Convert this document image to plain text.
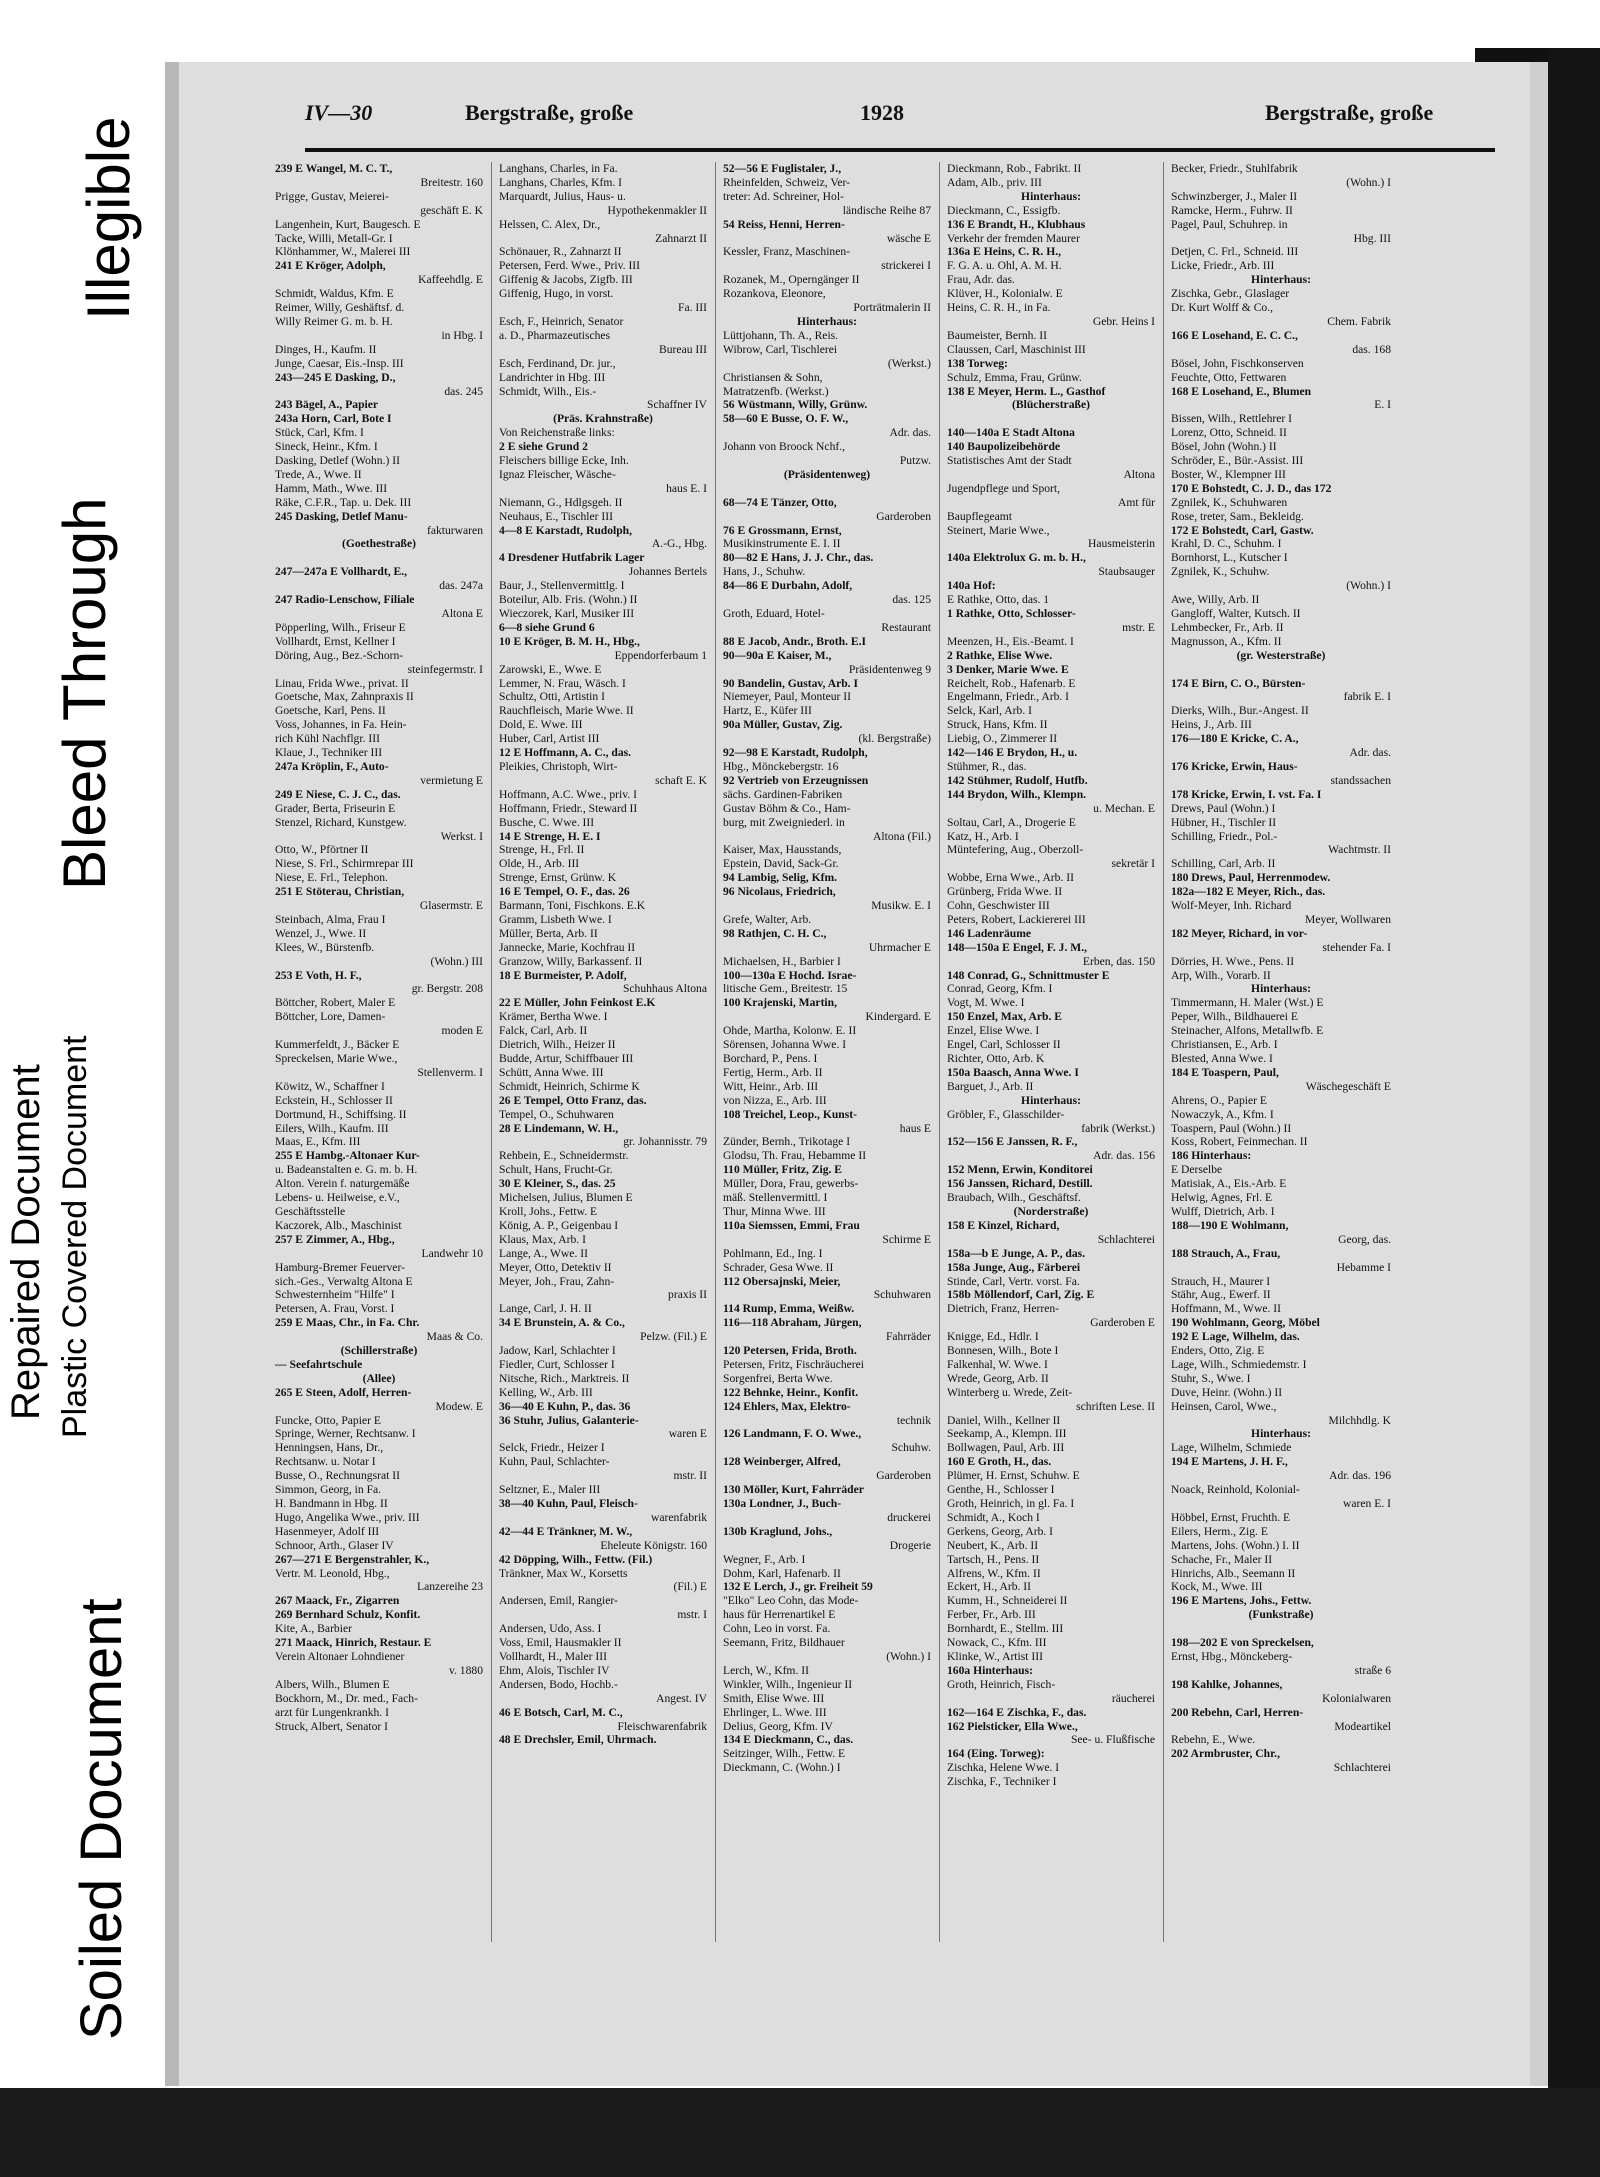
Repaired Document Plastic Covered Document
Soiled Document
Bleed Through
Illegible
IV—30	Bergstraße, große	1928	Bergstraße, große
239 E Wangel, M. C. T.,
Breitestr. 160
Prigge, Gustav, Meierei-
geschäft E. K
Langenhein, Kurt, Baugesch. E
Tacke, Willi, Metall-Gr. I
Klönhammer, W., Malerei III
241 E Kröger, Adolph,
Kaffeehdlg. E
Schmidt, Waldus, Kfm. E
Reimer, Willy, Geshäftsf. d.
Willy Reimer G. m. b. H.
in Hbg. I
Dinges, H., Kaufm. II
Junge, Caesar, Eis.-Insp. III
243—245 E Dasking, D.,
das. 245
243 Bägel, A., Papier
243a Horn, Carl, Bote I
Stück, Carl, Kfm. I
Sineck, Heinr., Kfm. I
Dasking, Detlef (Wohn.) II
Trede, A., Wwe. II
Hamm, Math., Wwe. III
Räke, C.F.R., Tap. u. Dek. III
245 Dasking, Detlef Manu-
fakturwaren
(Goethestraße)

247—247a E Vollhardt, E.,
das. 247a
247 Radio-Lenschow, Filiale
Altona E
Pöpperling, Wilh., Friseur E
Vollhardt, Ernst, Kellner I
Döring, Aug., Bez.-Schorn-
steinfegermstr. I
Linau, Frida Wwe., privat. II
Goetsche, Max, Zahnpraxis II
Goetsche, Karl, Pens. II
Voss, Johannes, in Fa. Hein-
rich Kühl Nachflgr. III
Klaue, J., Techniker III
247a Kröplin, F., Auto-
vermietung E
249 E Niese, C. J. C., das.
Grader, Berta, Friseurin E
Stenzel, Richard, Kunstgew.
Werkst. I
Otto, W., Pförtner II
Niese, S. Frl., Schirmrepar III
Niese, E. Frl., Telephon.
251 E Stöterau, Christian,
Glasermstr. E
Steinbach, Alma, Frau I
Wenzel, J., Wwe. II
Klees, W., Bürstenfb.
(Wohn.) III
253 E Voth, H. F.,
gr. Bergstr. 208
Böttcher, Robert, Maler E
Böttcher, Lore, Damen-
moden E
Kummerfeldt, J., Bäcker E
Spreckelsen, Marie Wwe.,
Stellenverm. I
Köwitz, W., Schaffner I
Eckstein, H., Schlosser II
Dortmund, H., Schiffsing. II
Eilers, Wilh., Kaufm. III
Maas, E., Kfm. III
255 E Hambg.-Altonaer Kur-
u. Badeanstalten e. G. m. b. H.
Alton. Verein f. naturgemäße
Lebens- u. Heilweise, e.V.,
Geschäftsstelle
Kaczorek, Alb., Maschinist
257 E Zimmer, A., Hbg.,
Landwehr 10
Hamburg-Bremer Feuerver-
sich.-Ges., Verwaltg Altona E
Schwesternheim "Hilfe" I
Petersen, A. Frau, Vorst. I
259 E Maas, Chr., in Fa. Chr.
Maas & Co.
(Schillerstraße)
— Seefahrtschule
(Allee)
265 E Steen, Adolf, Herren-
Modew. E
Funcke, Otto, Papier E
Springe, Werner, Rechtsanw. I
Henningsen, Hans, Dr.,
Rechtsanw. u. Notar I
Busse, O., Rechnungsrat II
Simmon, Georg, in Fa.
H. Bandmann in Hbg. II
Hugo, Angelika Wwe., priv. III
Hasenmeyer, Adolf III
Schnoor, Arth., Glaser IV
267—271 E Bergenstrahler, K.,
Vertr. M. Leonold, Hbg.,
Lanzereihe 23
267 Maack, Fr., Zigarren
269 Bernhard Schulz, Konfit.
Kite, A., Barbier
271 Maack, Hinrich, Restaur. E
Verein Altonaer Lohndiener
v. 1880
Albers, Wilh., Blumen E
Bockhorn, M., Dr. med., Fach-
arzt für Lungenkrankh. I
Struck, Albert, Senator I
Langhans, Charles, in Fa.
Langhans, Charles, Kfm. I
Marquardt, Julius, Haus- u.
Hypothekenmakler II
Helssen, C. Alex, Dr.,
Zahnarzt II
Schönauer, R., Zahnarzt II
Petersen, Ferd. Wwe., Priv. III
Giffenig & Jacobs, Zigfb. III
Giffenig, Hugo, in vorst.
Fa. III
Esch, F., Heinrich, Senator
a. D., Pharmazeutisches
Bureau III
Esch, Ferdinand, Dr. jur.,
Landrichter in Hbg. III
Schmidt, Wilh., Eis.-
Schaffner IV
(Präs. Krahnstraße)
Von Reichenstraße links:
2 E siehe Grund 2
Fleischers billige Ecke, Inh.
Ignaz Fleischer, Wäsche-
haus E. I
Niemann, G., Hdlgsgeh. II
Neuhaus, E., Tischler III
4—8 E Karstadt, Rudolph,
A.-G., Hbg.
4 Dresdener Hutfabrik Lager
Johannes Bertels
Baur, J., Stellenvermittlg. I
Boteilur, Alb. Fris. (Wohn.) II
Wieczorek, Karl, Musiker III
6—8 siehe Grund 6
10 E Kröger, B. M. H., Hbg.,
Eppendorferbaum 1
Zarowski, E., Wwe. E
Lemmer, N. Frau, Wäsch. I
Schultz, Otti, Artistin I
Rauchfleisch, Marie Wwe. II
Dold, E. Wwe. III
Huber, Carl, Artist III
12 E Hoffmann, A. C., das.
Pleikies, Christoph, Wirt-
schaft E. K
Hoffmann, A.C. Wwe., priv. I
Hoffmann, Friedr., Steward II
Busche, C. Wwe. III
14 E Strenge, H. E. I
Strenge, H., Frl. II
Olde, H., Arb. III
Strenge, Ernst, Grünw. K
16 E Tempel, O. F., das. 26
Barmann, Toni, Fischkons. E.K
Gramm, Lisbeth Wwe. I
Müller, Berta, Arb. II
Jannecke, Marie, Kochfrau II
Granzow, Willy, Barkassenf. II
18 E Burmeister, P. Adolf,
Schuhhaus Altona
22 E Müller, John Feinkost E.K
Krämer, Bertha Wwe. I
Falck, Carl, Arb. II
Dietrich, Wilh., Heizer II
Budde, Artur, Schiffbauer III
Schütt, Anna Wwe. III
Schmidt, Heinrich, Schirme K
26 E Tempel, Otto Franz, das.
Tempel, O., Schuhwaren
28 E Lindemann, W. H.,
gr. Johannisstr. 79
Rehbein, E., Schneidermstr.
Schult, Hans, Frucht-Gr.
30 E Kleiner, S., das. 25
Michelsen, Julius, Blumen E
Kroll, Johs., Fettw. E
König, A. P., Geigenbau I
Klaus, Max, Arb. I
Lange, A., Wwe. II
Meyer, Otto, Detektiv II
Meyer, Joh., Frau, Zahn-
praxis II
Lange, Carl, J. H. II
34 E Brunstein, A. & Co.,
Pelzw. (Fil.) E
Jadow, Karl, Schlachter I
Fiedler, Curt, Schlosser I
Nitsche, Rich., Marktreis. II
Kelling, W., Arb. III
36—40 E Kuhn, P., das. 36
36 Stuhr, Julius, Galanterie-
waren E
Selck, Friedr., Heizer I
Kuhn, Paul, Schlachter-
mstr. II
Seltzner, E., Maler III
38—40 Kuhn, Paul, Fleisch-
warenfabrik
42—44 E Tränkner, M. W.,
Eheleute Königstr. 160
42 Döpping, Wilh., Fettw. (Fil.)
Tränkner, Max W., Korsetts
(Fil.) E
Andersen, Emil, Rangier-
mstr. I
Andersen, Udo, Ass. I
Voss, Emil, Hausmakler II
Vollhardt, H., Maler III
Ehm, Alois, Tischler IV
Andersen, Bodo, Hochb.-
Angest. IV
46 E Botsch, Carl, M. C.,
Fleischwarenfabrik
48 E Drechsler, Emil, Uhrmach.
52—56 E Fuglistaler, J.,
Rheinfelden, Schweiz, Ver-
treter: Ad. Schreiner, Hol-
ländische Reihe 87
54 Reiss, Henni, Herren-
wäsche E
Kessler, Franz, Maschinen-
strickerei I
Rozanek, M., Operngänger II
Rozankova, Eleonore,
Porträtmalerin II
Hinterhaus:
Lüttjohann, Th. A., Reis.
Wibrow, Carl, Tischlerei
(Werkst.)
Christiansen & Sohn,
Matratzenfb. (Werkst.)
56 Wüstmann, Willy, Grünw.
58—60 E Busse, O. F. W.,
Adr. das.
Johann von Broock Nchf.,
Putzw.
(Präsidentenweg)

68—74 E Tänzer, Otto,
Garderoben
76 E Grossmann, Ernst,
Musikinstrumente E. I. II
80—82 E Hans, J. J. Chr., das.
Hans, J., Schuhw.
84—86 E Durbahn, Adolf,
das. 125
Groth, Eduard, Hotel-
Restaurant
88 E Jacob, Andr., Broth. E.I
90—90a E Kaiser, M.,
Präsidentenweg 9
90 Bandelin, Gustav, Arb. I
Niemeyer, Paul, Monteur II
Hartz, E., Küfer III
90a Müller, Gustav, Zig.
(kl. Bergstraße)
92—98 E Karstadt, Rudolph,
Hbg., Mönckebergstr. 16
92 Vertrieb von Erzeugnissen
sächs. Gardinen-Fabriken
Gustav Böhm & Co., Ham-
burg, mit Zweigniederl. in
Altona (Fil.)
Kaiser, Max, Hausstands,
Epstein, David, Sack-Gr.
94 Lambig, Selig, Kfm.
96 Nicolaus, Friedrich,
Musikw. E. I
Grefe, Walter, Arb.
98 Rathjen, C. H. C.,
Uhrmacher E
Michaelsen, H., Barbier I
100—130a E Hochd. Israe-
litische Gem., Breitestr. 15
100 Krajenski, Martin,
Kindergard. E
Ohde, Martha, Kolonw. E. II
Sörensen, Johanna Wwe. I
Borchard, P., Pens. I
Fertig, Herm., Arb. II
Witt, Heinr., Arb. III
von Nizza, E., Arb. III
108 Treichel, Leop., Kunst-
haus E
Zünder, Bernh., Trikotage I
Glodsu, Th. Frau, Hebamme II
110 Müller, Fritz, Zig. E
Müller, Dora, Frau, gewerbs-
mäß. Stellenvermittl. I
Thur, Minna Wwe. III
110a Siemssen, Emmi, Frau
Schirme E
Pohlmann, Ed., Ing. I
Schrader, Gesa Wwe. II
112 Obersajnski, Meier,
Schuhwaren
114 Rump, Emma, Weißw.
116—118 Abraham, Jürgen,
Fahrräder
120 Petersen, Frida, Broth.
Petersen, Fritz, Fischräucherei
Sorgenfrei, Berta Wwe.
122 Behnke, Heinr., Konfit.
124 Ehlers, Max, Elektro-
technik
126 Landmann, F. O. Wwe.,
Schuhw.
128 Weinberger, Alfred,
Garderoben
130 Möller, Kurt, Fahrräder
130a Londner, J., Buch-
druckerei
130b Kraglund, Johs.,
Drogerie
Wegner, F., Arb. I
Dohm, Karl, Hafenarb. II
132 E Lerch, J., gr. Freiheit 59
"Elko" Leo Cohn, das Mode-
haus für Herrenartikel E
Cohn, Leo in vorst. Fa.
Seemann, Fritz, Bildhauer
(Wohn.) I
Lerch, W., Kfm. II
Winkler, Wilh., Ingenieur II
Smith, Elise Wwe. III
Ehrlinger, L. Wwe. III
Delius, Georg, Kfm. IV
134 E Dieckmann, C., das.
Seitzinger, Wilh., Fettw. E
Dieckmann, C. (Wohn.) I
Dieckmann, Rob., Fabrikt. II
Adam, Alb., priv. III
Hinterhaus:
Dieckmann, C., Essigfb.
136 E Brandt, H., Klubhaus
Verkehr der fremden Maurer
136a E Heins, C. R. H.,
F. G. A. u. Ohl, A. M. H.
Frau, Adr. das.
Klüver, H., Kolonialw. E
Heins, C. R. H., in Fa.
Gebr. Heins I
Baumeister, Bernh. II
Claussen, Carl, Maschinist III
138 Torweg:
Schulz, Emma, Frau, Grünw.
138 E Meyer, Herm. L., Gasthof
(Blücherstraße)

140—140a E Stadt Altona
140 Baupolizeibehörde
Statistisches Amt der Stadt
Altona
Jugendpflege und Sport,
Amt für
Baupflegeamt
Steinert, Marie Wwe.,
Hausmeisterin
140a Elektrolux G. m. b. H.,
Staubsauger
140a Hof:
E Rathke, Otto, das. 1
1 Rathke, Otto, Schlosser-
mstr. E
Meenzen, H., Eis.-Beamt. I
2 Rathke, Elise Wwe.
3 Denker, Marie Wwe. E
Reichelt, Rob., Hafenarb. E
Engelmann, Friedr., Arb. I
Selck, Karl, Arb. I
Struck, Hans, Kfm. II
Liebig, O., Zimmerer II
142—146 E Brydon, H., u.
Stühmer, R., das.
142 Stühmer, Rudolf, Hutfb.
144 Brydon, Wilh., Klempn.
u. Mechan. E
Soltau, Carl, A., Drogerie E
Katz, H., Arb. I
Müntefering, Aug., Oberzoll-
sekretär I
Wobbe, Erna Wwe., Arb. II
Grünberg, Frida Wwe. II
Cohn, Geschwister III
Peters, Robert, Lackiererei III
146 Ladenräume
148—150a E Engel, F. J. M.,
Erben, das. 150
148 Conrad, G., Schnittmuster E
Conrad, Georg, Kfm. I
Vogt, M. Wwe. I
150 Enzel, Max, Arb. E
Enzel, Elise Wwe. I
Engel, Carl, Schlosser II
Richter, Otto, Arb. K
150a Baasch, Anna Wwe. I
Barguet, J., Arb. II
Hinterhaus:
Gröbler, F., Glasschilder-
fabrik (Werkst.)
152—156 E Janssen, R. F.,
Adr. das. 156
152 Menn, Erwin, Konditorei
156 Janssen, Richard, Destill.
Braubach, Wilh., Geschäftsf.
(Norderstraße)
158 E Kinzel, Richard,
Schlachterei
158a—b E Junge, A. P., das.
158a Junge, Aug., Färberei
Stinde, Carl, Vertr. vorst. Fa.
158b Möllendorf, Carl, Zig. E
Dietrich, Franz, Herren-
Garderoben E
Knigge, Ed., Hdlr. I
Bonnesen, Wilh., Bote I
Falkenhal, W. Wwe. I
Wrede, Georg, Arb. II
Winterberg u. Wrede, Zeit-
schriften Lese. II
Daniel, Wilh., Kellner II
Seekamp, A., Klempn. III
Bollwagen, Paul, Arb. III
160 E Groth, H., das.
Plümer, H. Ernst, Schuhw. E
Genthe, H., Schlosser I
Groth, Heinrich, in gl. Fa. I
Schmidt, A., Koch I
Gerkens, Georg, Arb. I
Neubert, K., Arb. II
Tartsch, H., Pens. II
Alfrens, W., Kfm. II
Eckert, H., Arb. II
Kumm, H., Schneiderei II
Ferber, Fr., Arb. III
Bornhardt, E., Stellm. III
Nowack, C., Kfm. III
Klinke, W., Artist III
160a Hinterhaus:
Groth, Heinrich, Fisch-
räucherei
162—164 E Zischka, F., das.
162 Pielsticker, Ella Wwe.,
See- u. Flußfische
164 (Eing. Torweg):
Zischka, Helene Wwe. I
Zischka, F., Techniker I
Becker, Friedr., Stuhlfabrik
(Wohn.) I
Schwinzberger, J., Maler II
Ramcke, Herm., Fuhrw. II
Pagel, Paul, Schuhrep. in
Hbg. III
Detjen, C. Frl., Schneid. III
Licke, Friedr., Arb. III
Hinterhaus:
Zischka, Gebr., Glaslager
Dr. Kurt Wolff & Co.,
Chem. Fabrik
166 E Losehand, E. C. C.,
das. 168
Bösel, John, Fischkonserven
Feuchte, Otto, Fettwaren
168 E Losehand, E., Blumen
E. I
Bissen, Wilh., Rettlehrer I
Lorenz, Otto, Schneid. II
Bösel, John (Wohn.) II
Schröder, E., Bür.-Assist. III
Boster, W., Klempner III
170 E Bohstedt, C. J. D., das 172
Zgnilek, K., Schuhwaren
Rose, treter, Sam., Bekleidg.
172 E Bohstedt, Carl, Gastw.
Krahl, D. C., Schuhm. I
Bornhorst, L., Kutscher I
Zgnilek, K., Schuhw.
(Wohn.) I
Awe, Willy, Arb. II
Gangloff, Walter, Kutsch. II
Lehmbecker, Fr., Arb. II
Magnusson, A., Kfm. II
(gr. Westerstraße)

174 E Birn, C. O., Bürsten-
fabrik E. I
Dierks, Wilh., Bur.-Angest. II
Heins, J., Arb. III
176—180 E Kricke, C. A.,
Adr. das.
176 Kricke, Erwin, Haus-
standssachen
178 Kricke, Erwin, I. vst. Fa. I
Drews, Paul (Wohn.) I
Hübner, H., Tischler II
Schilling, Friedr., Pol.-
Wachtmstr. II
Schilling, Carl, Arb. II
180 Drews, Paul, Herrenmodew.
182a—182 E Meyer, Rich., das.
Wolf-Meyer, Inh. Richard
Meyer, Wollwaren
182 Meyer, Richard, in vor-
stehender Fa. I
Dörries, H. Wwe., Pens. II
Arp, Wilh., Vorarb. II
Hinterhaus:
Timmermann, H. Maler (Wst.) E
Peper, Wilh., Bildhauerei E
Steinacher, Alfons, Metallwfb. E
Christiansen, E., Arb. I
Blested, Anna Wwe. I
184 E Toaspern, Paul,
Wäschegeschäft E
Ahrens, O., Papier E
Nowaczyk, A., Kfm. I
Toaspern, Paul (Wohn.) II
Koss, Robert, Feinmechan. II
186 Hinterhaus:
E Derselbe
Matisiak, A., Eis.-Arb. E
Helwig, Agnes, Frl. E
Wulff, Dietrich, Arb. I
188—190 E Wohlmann,
Georg, das.
188 Strauch, A., Frau,
Hebamme I
Strauch, H., Maurer I
Stähr, Aug., Ewerf. II
Hoffmann, M., Wwe. II
190 Wohlmann, Georg, Möbel
192 E Lage, Wilhelm, das.
Enders, Otto, Zig. E
Lage, Wilh., Schmiedemstr. I
Stuhr, S., Wwe. I
Duve, Heinr. (Wohn.) II
Heinsen, Carol, Wwe.,
Milchhdlg. K
Hinterhaus:
Lage, Wilhelm, Schmiede
194 E Martens, J. H. F.,
Adr. das. 196
Noack, Reinhold, Kolonial-
waren E. I
Höbbel, Ernst, Fruchth. E
Eilers, Herm., Zig. E
Martens, Johs. (Wohn.) I. II
Schache, Fr., Maler II
Hinrichs, Alb., Seemann II
Kock, M., Wwe. III
196 E Martens, Johs., Fettw.
(Funkstraße)

198—202 E von Spreckelsen,
Ernst, Hbg., Mönckeberg-
straße 6
198 Kahlke, Johannes,
Kolonialwaren
200 Rebehn, Carl, Herren-
Modeartikel
Rebehn, E., Wwe.
202 Armbruster, Chr.,
Schlachterei
